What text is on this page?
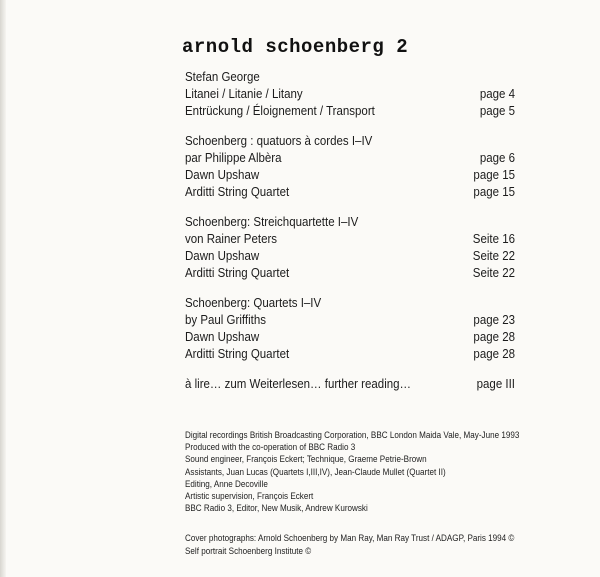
arnold schoenberg 2
Stefan George
Litanei / Litanie / Litany	page 4
Entrückung / Éloignement / Transport	page 5
Schoenberg : quatuors à cordes I–IV
par Philippe Albèra	page 6
Dawn Upshaw	page 15
Arditti String Quartet	page 15
Schoenberg: Streichquartette I–IV
von Rainer Peters	Seite 16
Dawn Upshaw	Seite 22
Arditti String Quartet	Seite 22
Schoenberg: Quartets I–IV
by Paul Griffiths	page 23
Dawn Upshaw	page 28
Arditti String Quartet	page 28
à lire… zum Weiterlesen… further reading…	page III
Digital recordings British Broadcasting Corporation, BBC London Maida Vale, May-June 1993
Produced with the co-operation of BBC Radio 3
Sound engineer, François Eckert; Technique, Graeme Petrie-Brown
Assistants, Juan Lucas (Quartets I,III,IV), Jean-Claude Mullet (Quartet II)
Editing, Anne Decoville
Artistic supervision, François Eckert
BBC Radio 3, Editor, New Musik, Andrew Kurowski
Cover photographs: Arnold Schoenberg by Man Ray, Man Ray Trust / ADAGP, Paris 1994 ©
Self portrait Schoenberg Institute ©
